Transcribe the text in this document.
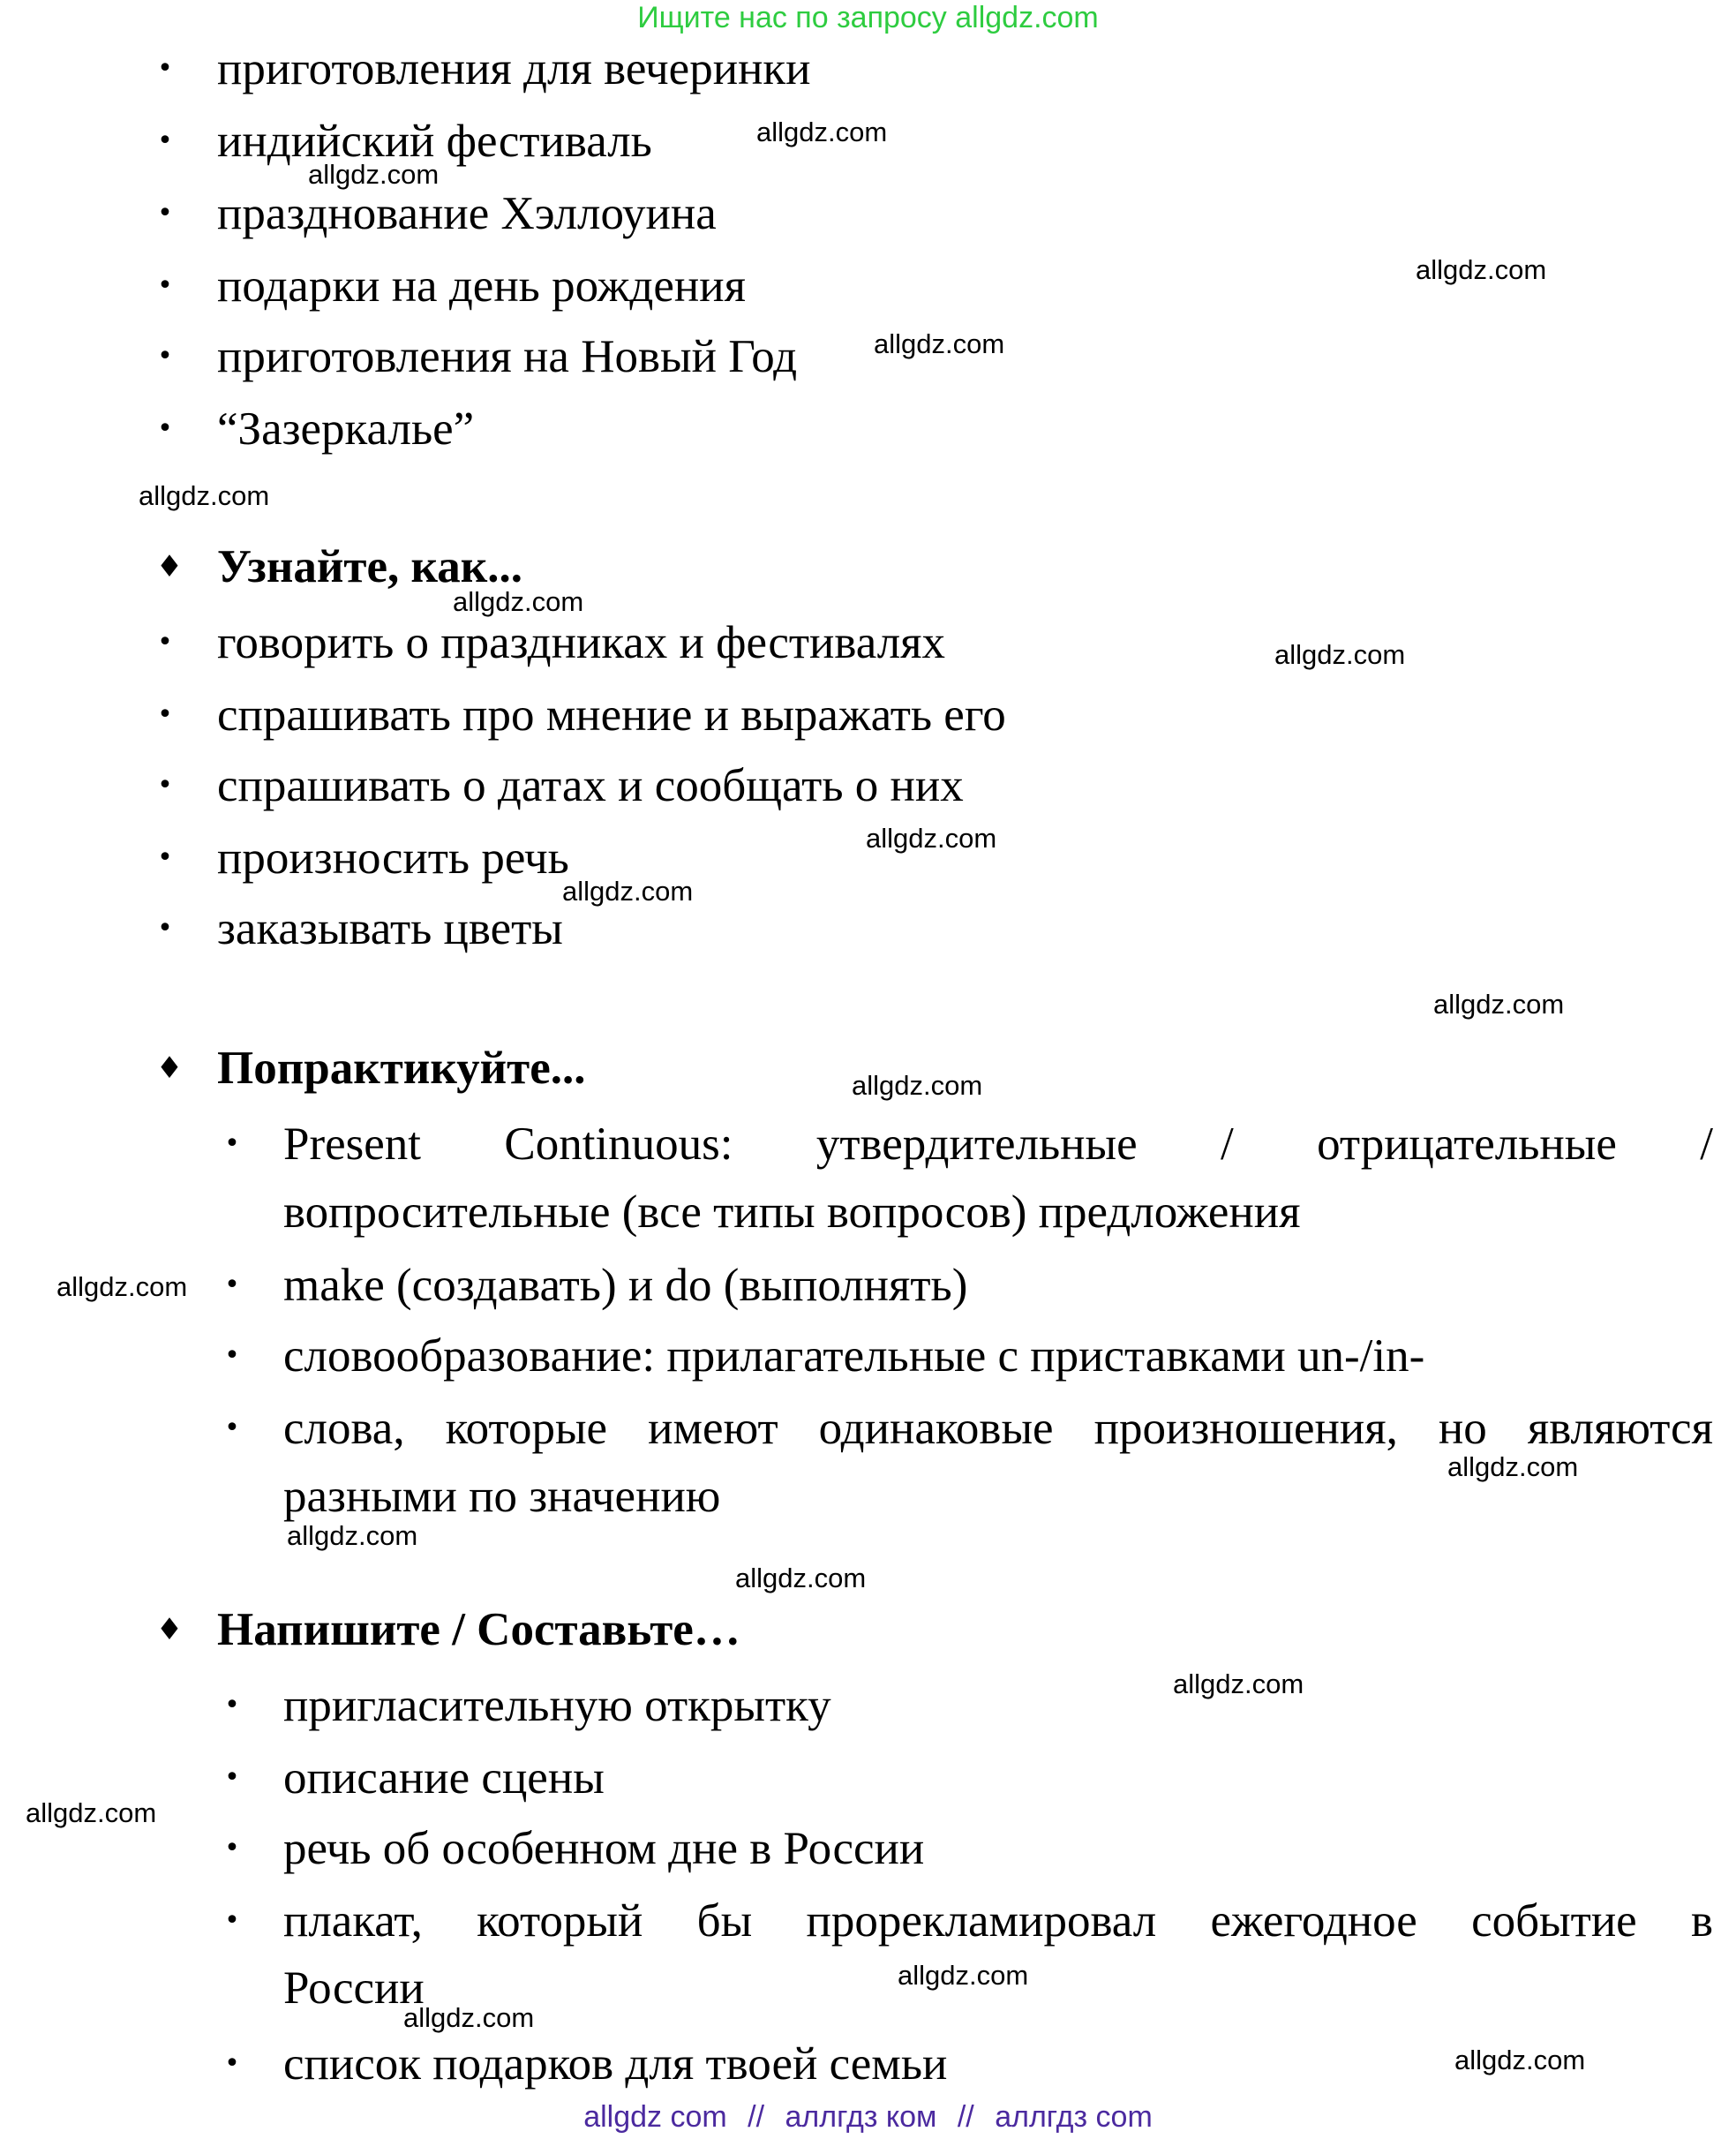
Ищите нас по запросу allgdz.com
• приготовления для вечеринки
• индийский фестиваль
• празднование Хэллоуина
• подарки на день рождения
• приготовления на Новый Год
• “Зазеркалье”
♦ Узнайте, как...
• говорить о праздниках и фестивалях
• спрашивать про мнение и выражать его
• спрашивать о датах и сообщать о них
• произносить речь
• заказывать цветы
♦ Попрактикуйте...
• Present Continuous: утвердительные / отрицательные /
вопросительные (все типы вопросов) предложения
• make (создавать) и do (выполнять)
• словообразование: прилагательные с приставками un-/in-
• слова, которые имеют одинаковые произношения, но являются
разными по значению
♦ Напишите / Составьте…
• пригласительную открытку
• описание сцены
• речь об особенном дне в России
• плакат, который бы прорекламировал ежегодное событие в
России
• список подарков для твоей семьи
allgdz.com
allgdz.com
allgdz.com
allgdz.com
allgdz.com
allgdz.com
allgdz.com
allgdz.com
allgdz.com
allgdz.com
allgdz.com
allgdz.com
allgdz.com
allgdz.com
allgdz.com
allgdz.com
allgdz.com
allgdz.com
allgdz.com
allgdz.com
allgdz com // аллгдз ком // аллгдз com
